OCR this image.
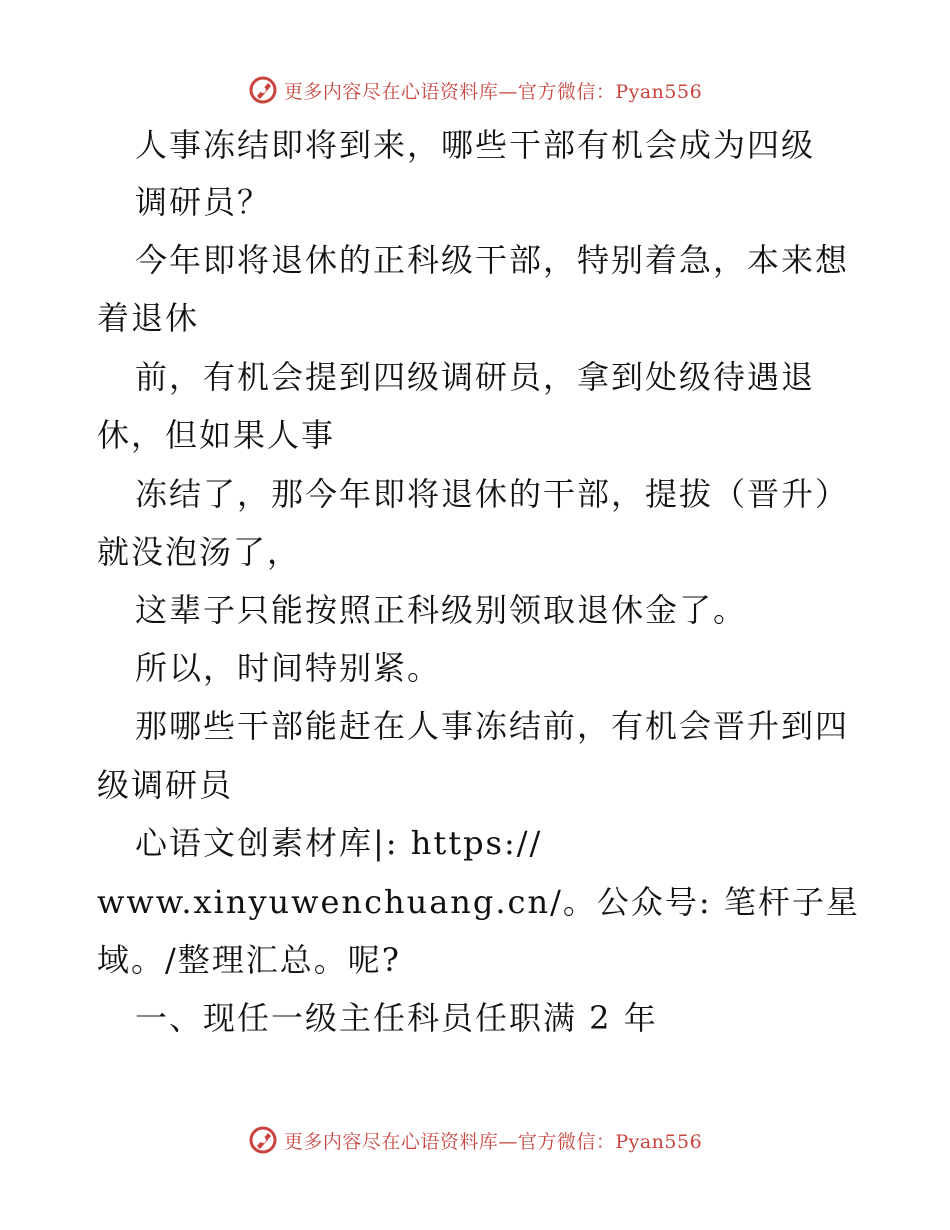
更多内容尽在心语资料库—官方微信：Pyan556
人事冻结即将到来，哪些干部有机会成为四级
调研员？
今年即将退休的正科级干部，特别着急，本来想
着退休
前，有机会提到四级调研员，拿到处级待遇退
休，但如果人事
冻结了，那今年即将退休的干部，提拔（晋升）
就没泡汤了，
这辈子只能按照正科级别领取退休金了。
所以，时间特别紧。
那哪些干部能赶在人事冻结前，有机会晋升到四
级调研员
心语文创素材库|: https://
www.xinyuwenchuang.cn/。公众号: 笔杆子星
域。/整理汇总。呢?
一、现任一级主任科员任职满 2 年
更多内容尽在心语资料库—官方微信：Pyan556
